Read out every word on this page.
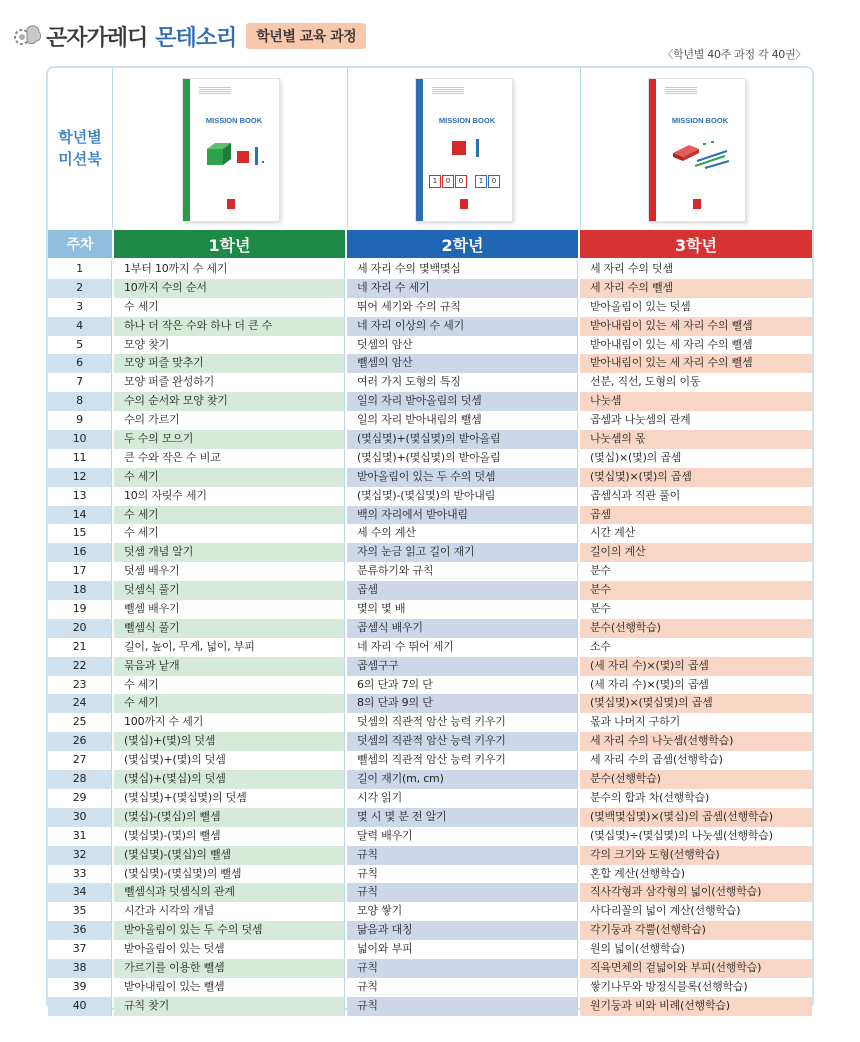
곤자가레디 몬테소리	학년별 교육 과정
〈학년별 40주 과정 각 40권〉
학년별
미션북
MISSION BOOK	MISSION BOOK
1	0	0	1	0
MISSION BOOK
주차	1학년	2학년	3학년
1	1부터 10까지 수 세기	세 자리 수의 몇백몇십	세 자리 수의 덧셈
2	10까지 수의 순서	네 자리 수 세기	세 자리 수의 뺄셈
3	수 세기	뛰어 세기와 수의 규칙	받아올림이 있는 덧셈
4	하나 더 작은 수와 하나 더 큰 수	네 자리 이상의 수 세기	받아내림이 있는 세 자리 수의 뺄셈
5	모양 찾기	덧셈의 암산	받아내림이 있는 세 자리 수의 뺄셈
6	모양 퍼즐 맞추기	뺄셈의 암산	받아내림이 있는 세 자리 수의 뺄셈
7	모양 퍼즐 완성하기	여러 가지 도형의 특징	선분, 직선, 도형의 이동
8	수의 순서와 모양 찾기	일의 자리 받아올림의 덧셈	나눗셈
9	수의 가르기	일의 자리 받아내림의 뺄셈	곱셈과 나눗셈의 관계
10	두 수의 모으기	(몇십몇)+(몇십몇)의 받아올림	나눗셈의 몫
11	큰 수와 작은 수 비교	(몇십몇)+(몇십몇)의 받아올림	(몇십)×(몇)의 곱셈
12	수 세기	받아올림이 있는 두 수의 덧셈	(몇십몇)×(몇)의 곱셈
13	10의 자릿수 세기	(몇십몇)-(몇십몇)의 받아내림	곱셈식과 직관 풀이
14	수 세기	백의 자리에서 받아내림	곱셈
15	수 세기	세 수의 계산	시간 계산
16	덧셈 개념 알기	자의 눈금 읽고 길이 재기	길이의 계산
17	덧셈 배우기	분류하기와 규칙	분수
18	덧셈식 풀기	곱셈	분수
19	뺄셈 배우기	몇의 몇 배	분수
20	뺄셈식 풀기	곱셈식 배우기	분수(선행학습)
21	길이, 높이, 무게, 넓이, 부피	네 자리 수 뛰어 세기	소수
22	묶음과 낱개	곱셈구구	(세 자리 수)×(몇)의 곱셈
23	수 세기	6의 단과 7의 단	(세 자리 수)×(몇)의 곱셈
24	수 세기	8의 단과 9의 단	(몇십몇)×(몇십몇)의 곱셈
25	100까지 수 세기	덧셈의 직관적 암산 능력 키우기	몫과 나머지 구하기
26	(몇십)+(몇)의 덧셈	덧셈의 직관적 암산 능력 키우기	세 자리 수의 나눗셈(선행학습)
27	(몇십몇)+(몇)의 덧셈	뺄셈의 직관적 암산 능력 키우기	세 자리 수의 곱셈(선행학습)
28	(몇십)+(몇십)의 덧셈	길이 재기(m, cm)	분수(선행학습)
29	(몇십몇)+(몇십몇)의 덧셈	시각 읽기	분수의 합과 차(선행학습)
30	(몇십)-(몇십)의 뺄셈	몇 시 몇 분 전 알기	(몇백몇십몇)×(몇십)의 곱셈(선행학습)
31	(몇십몇)-(몇)의 뺄셈	달력 배우기	(몇십몇)÷(몇십몇)의 나눗셈(선행학습)
32	(몇십몇)-(몇십)의 뺄셈	규칙	각의 크기와 도형(선행학습)
33	(몇십몇)-(몇십몇)의 뺄셈	규칙	혼합 계산(선행학습)
34	뺄셈식과 덧셈식의 관계	규칙	직사각형과 삼각형의 넓이(선행학습)
35	시간과 시각의 개념	모양 쌓기	사다리꼴의 넓이 계산(선행학습)
36	받아올림이 있는 두 수의 덧셈	닮음과 대칭	각기둥과 각뿔(선행학습)
37	받아올림이 있는 덧셈	넓이와 부피	원의 넓이(선행학습)
38	가르기를 이용한 뺄셈	규칙	직육면체의 겉넓이와 부피(선행학습)
39	받아내림이 있는 뺄셈	규칙	쌓기나무와 방정식블록(선행학습)
40	규칙 찾기	규칙	원기둥과 비와 비례(선행학습)
